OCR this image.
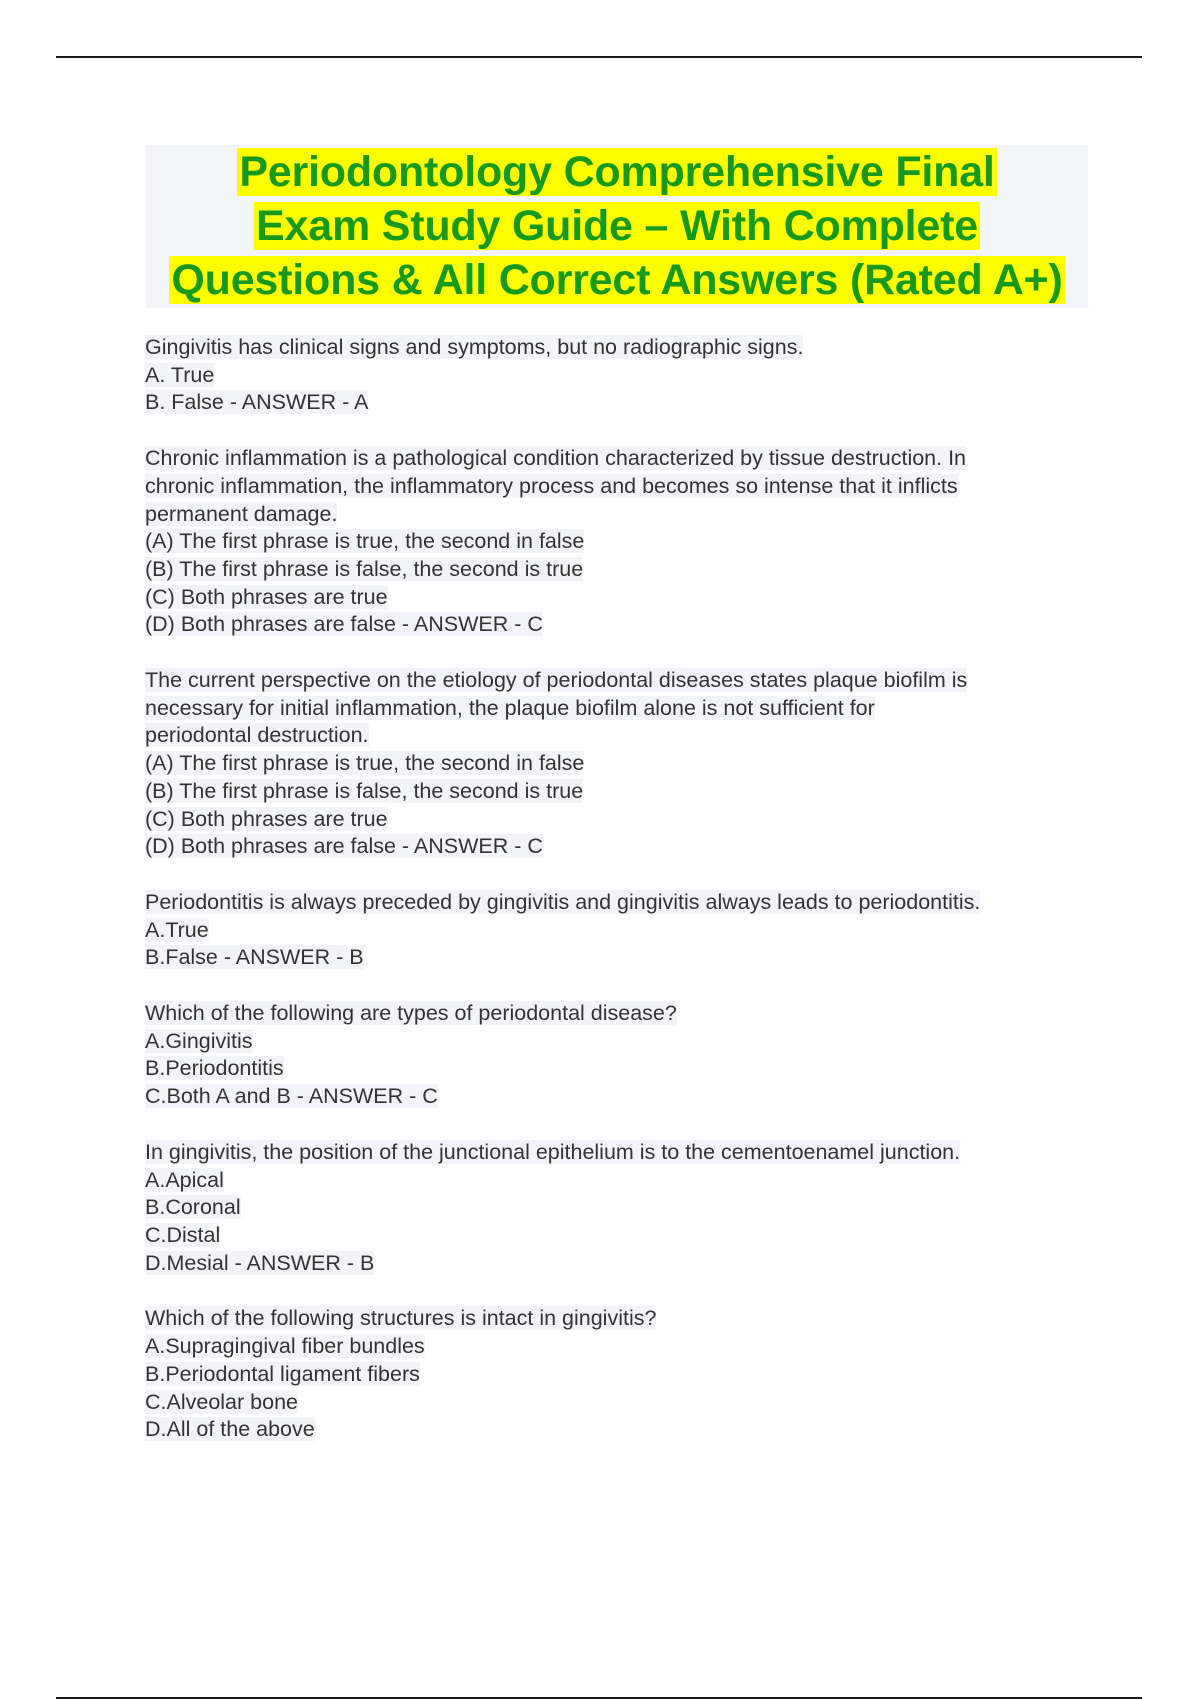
Periodontology Comprehensive Final
Exam Study Guide – With Complete
Questions & All Correct Answers (Rated A+)
Gingivitis has clinical signs and symptoms, but no radiographic signs.
A. True
B. False - ANSWER - A
Chronic inflammation is a pathological condition characterized by tissue destruction. In
chronic inflammation, the inflammatory process and becomes so intense that it inflicts
permanent damage.
(A) The first phrase is true, the second in false
(B) The first phrase is false, the second is true
(C) Both phrases are true
(D) Both phrases are false - ANSWER - C
The current perspective on the etiology of periodontal diseases states plaque biofilm is
necessary for initial inflammation, the plaque biofilm alone is not sufficient for
periodontal destruction.
(A) The first phrase is true, the second in false
(B) The first phrase is false, the second is true
(C) Both phrases are true
(D) Both phrases are false - ANSWER - C
Periodontitis is always preceded by gingivitis and gingivitis always leads to periodontitis.
A.True
B.False - ANSWER - B
Which of the following are types of periodontal disease?
A.Gingivitis
B.Periodontitis
C.Both A and B - ANSWER - C
In gingivitis, the position of the junctional epithelium is to the cementoenamel junction.
A.Apical
B.Coronal
C.Distal
D.Mesial - ANSWER - B
Which of the following structures is intact in gingivitis?
A.Supragingival fiber bundles
B.Periodontal ligament fibers
C.Alveolar bone
D.All of the above
